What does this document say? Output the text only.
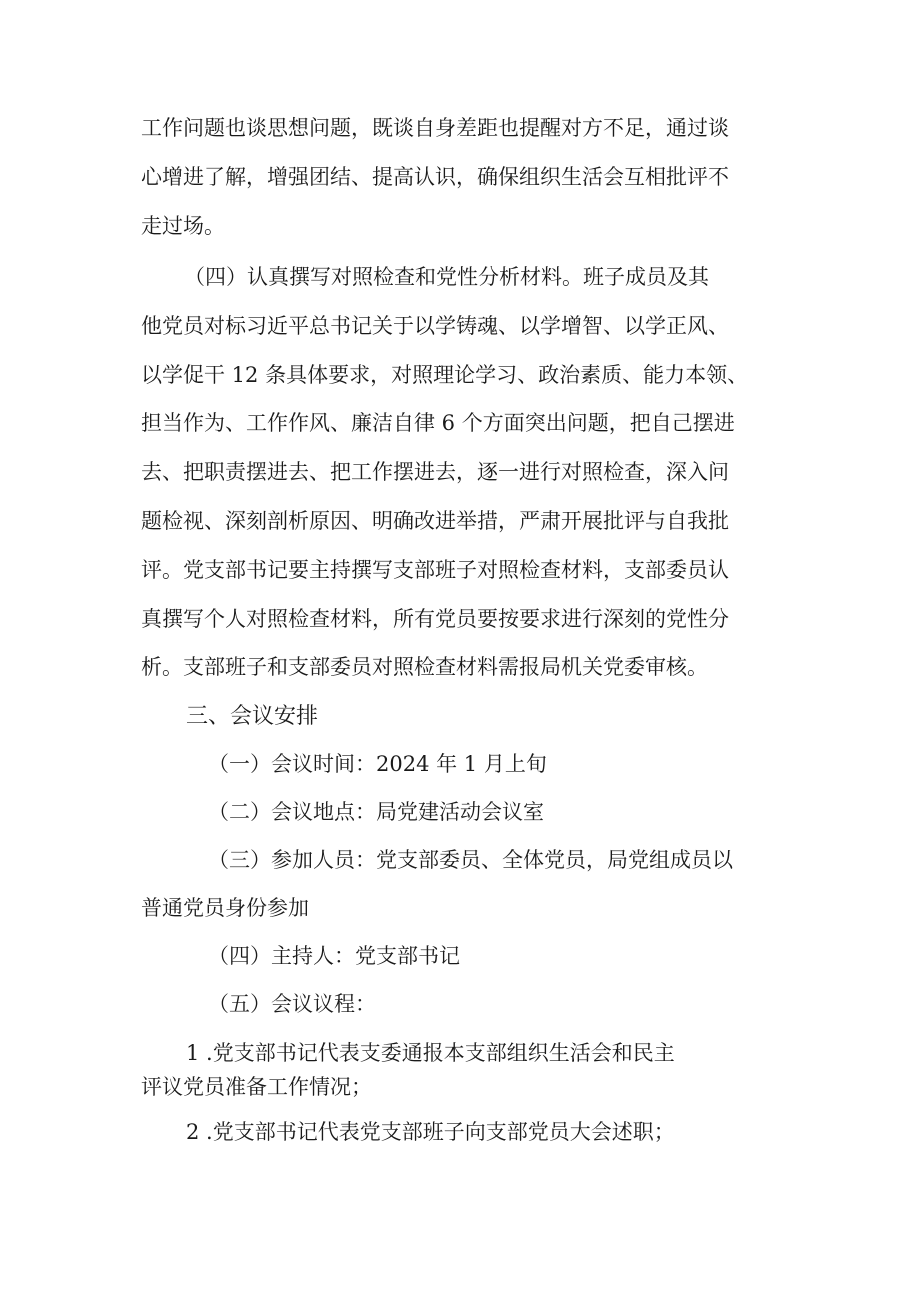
工作问题也谈思想问题，既谈自身差距也提醒对方不足，通过谈
心增进了解，增强团结、提高认识，确保组织生活会互相批评不
走过场。
（四）认真撰写对照检查和党性分析材料。班子成员及其
他党员对标习近平总书记关于以学铸魂、以学增智、以学正风、
以学促干 12 条具体要求，对照理论学习、政治素质、能力本领、
担当作为、工作作风、廉洁自律 6 个方面突出问题，把自己摆进
去、把职责摆进去、把工作摆进去，逐一进行对照检查，深入问
题检视、深刻剖析原因、明确改进举措，严肃开展批评与自我批
评。党支部书记要主持撰写支部班子对照检查材料，支部委员认
真撰写个人对照检查材料，所有党员要按要求进行深刻的党性分
析。支部班子和支部委员对照检查材料需报局机关党委审核。
三、会议安排
（一）会议时间：2024 年 1 月上旬
（二）会议地点：局党建活动会议室
（三）参加人员：党支部委员、全体党员，局党组成员以
普通党员身份参加
（四）主持人：党支部书记
（五）会议议程：
1 .党支部书记代表支委通报本支部组织生活会和民主
评议党员准备工作情况；
2 .党支部书记代表党支部班子向支部党员大会述职；
